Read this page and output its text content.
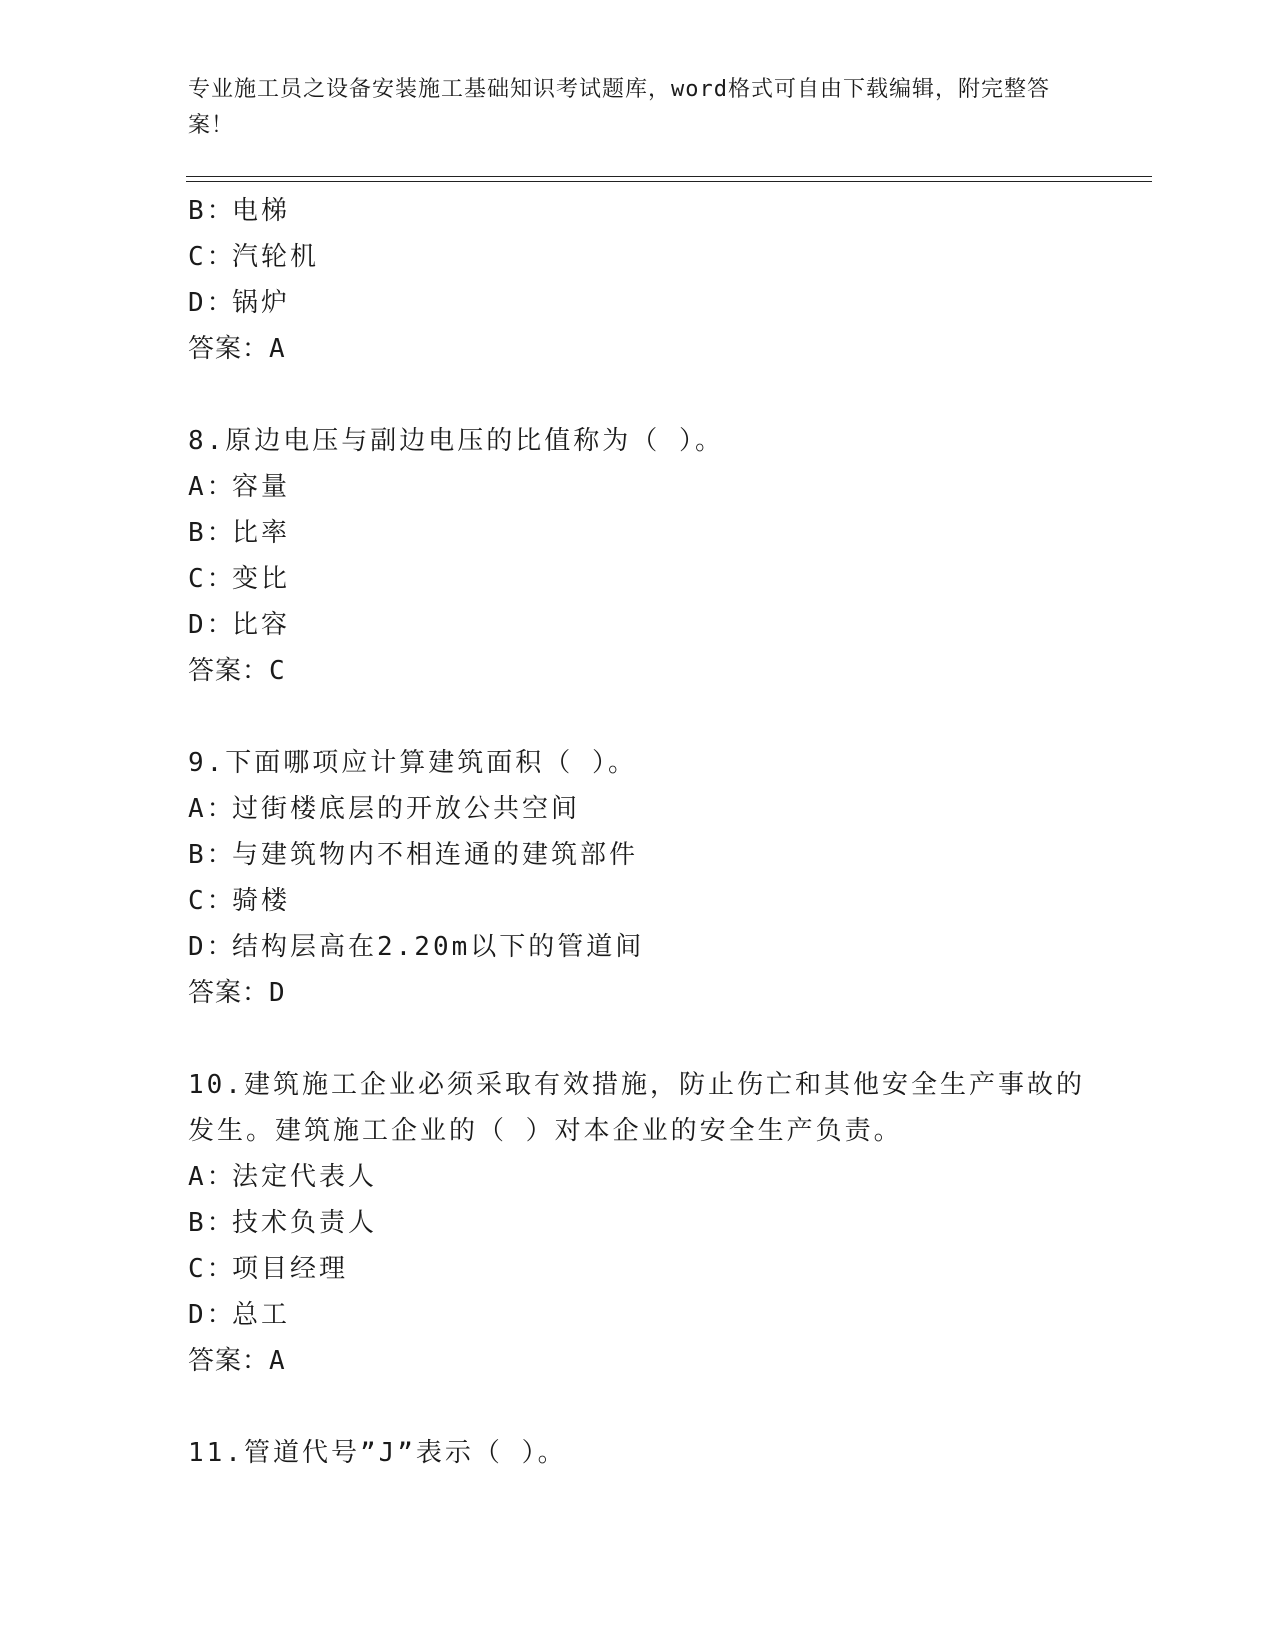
专业施工员之设备安装施工基础知识考试题库，word格式可自由下载编辑，附完整答案！
B：电梯
C：汽轮机
D：锅炉
答案：A
8.原边电压与副边电压的比值称为（ ）。
A：容量
B：比率
C：变比
D：比容
答案：C
9.下面哪项应计算建筑面积（ ）。
A：过街楼底层的开放公共空间
B：与建筑物内不相连通的建筑部件
C：骑楼
D：结构层高在2.20m以下的管道间
答案：D
10.建筑施工企业必须采取有效措施，防止伤亡和其他安全生产事故的发生。建筑施工企业的（ ）对本企业的安全生产负责。
A：法定代表人
B：技术负责人
C：项目经理
D：总工
答案：A
11.管道代号”J”表示（ ）。
